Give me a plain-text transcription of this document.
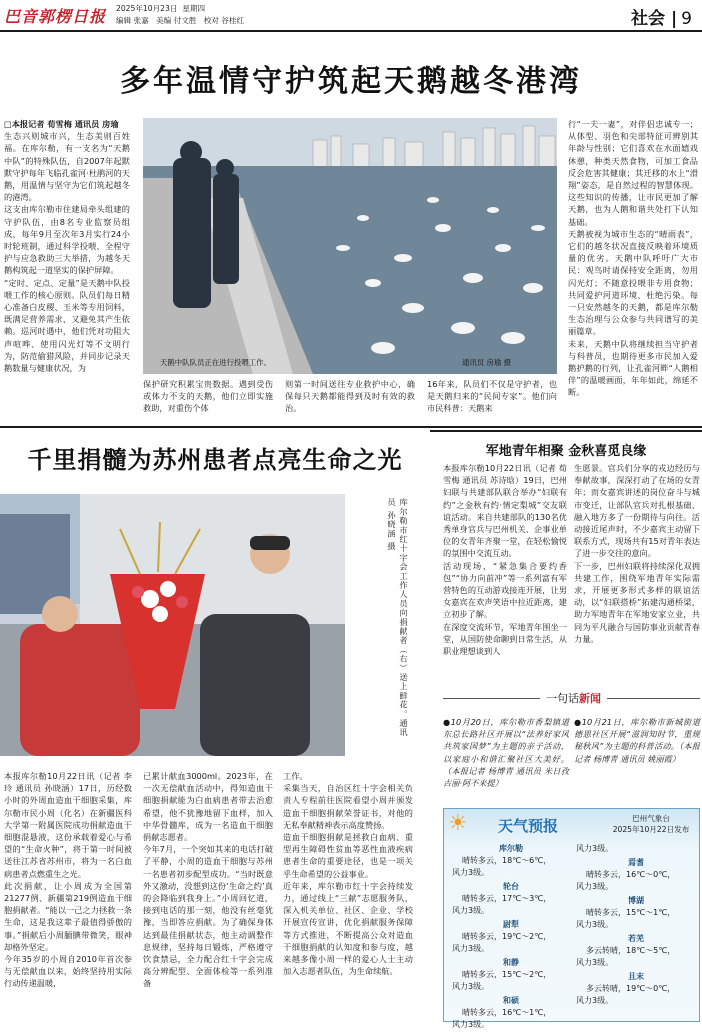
巴音郭楞日报 2025年10月23日 星期四
编辑 张嘉 美编 付文胜 校对 谷桂红	社会 | 9
多年温情守护筑起天鹅越冬港湾
□本报记者 荀雪梅 通讯员 房瑜
生态兴则城市兴，生态美则百姓福。在库尔勒，有一支名为“天鹅中队”的特殊队伍，自2007年起默默守护每年飞临孔雀河·杜鹃河的天鹅，用温情与坚守为它们筑起越冬的港湾。
这支由库尔勒市住建局牵头组建的守护队伍，由8名专业监察员组成，每年9月至次年3月实行24小时轮班制，通过科学投喂、全程守护与应急救助三大举措，为越冬天鹅构筑起一道坚实的保护屏障。
“定时、定点、定量”是天鹅中队投喂工作的核心原则。队员们每日精心准备白皮稷、玉米等专用饲料，既满足营养需求，又避免其产生依赖。巡河时遇中，他们凭对功阻大声喧哗、使用闪光灯等不文明行为，防范偷猎风险，并同步记录天鹅数量与健康状况，为
天鹅中队队员正在进行投喂工作。	通讯员 房瑜 摄
保护研究积累宝贵数据。遇到受伤或体力不支的天鹅，他们立即实施救助，对重伤个体
则第一时间送往专业救护中心，确保每只天鹅都能得到及时有效的救治。
16年来，队员们不仅是守护者，也是天鹅归来的“民间专家”。他们向市民科普：天鹅来
行“一夫一妻”，对伴侣忠诚专一；从体型、羽色和尖部特征可辨别其年龄与性别；它们喜欢在水面嬉戏休憩，种类天然食物，可加工食品反会危害其健康；其迁移的水上“滑翔”姿态，是自然过程的智慧体现。这些知识的传播，让市民更加了解天鹅，也为人鹅和谐共处打下认知基础。
天鹅被视为城市生态的“晴雨表”，它们的越冬状况直接反映着环境质量的优劣。天鹅中队呼吁广大市民：观鸟时请保持安全距离，勿用闪光灯；不随意投喂非专用食物；共同爱护河道环境，杜绝污染。每一只安然越冬的天鹅，都是库尔勒生态治理与公众参与共同谱写的美丽篇章。
未来，天鹅中队将继续担当守护者与科普员，也期待更多市民加入爱鹅护鹅的行列，让孔雀河畔“人鹅相伴”的温暖画面，年年如此，绵延不断。
千里捐髓为苏州患者点亮生命之光
库尔勒市红十字会工作人员向捐献者（右）送上鲜花。通讯员 孙晓涵 摄
本报库尔勒10月22日讯（记者 李玲 通讯员 孙晓涵）17日，历经数小时的外周血造血干细胞采集，库尔勒市民小周（化名）在新疆医科大学第一附属医院成功捐献造血干细胞混悬液，这份承载着爱心与希望的“生命火种”，将于第一时间被送往江苏省苏州市，将为一名白血病患者点燃重生之光。
此次捐献，让小周成为全国第21277例、新疆第219例造血干细胞捐献者。“能以一己之力拯救一条生命，这是我这辈子最值得骄傲的事。”捐献后小周腼腆带微笑，眼神却格外坚定。
今年35岁的小周自2010年首次参与无偿献血以来，始终坚持用实际行动传递温暖，
已累计献血3000ml。2023年，在一次无偿献血活动中，得知造血干细胞捐献能为白血病患者带去治愈希望，他不犹豫地留下血样，加入中华骨髓库，成为一名造血干细胞捐献志愿者。
今年7月，一个突如其来的电话打破了平静，小周的造血干细胞与苏州一名患者初步配型成功。“当时既意外又激动，没想到这份‘生命之约’真的会降临到我身上。”小周回忆道，接到电话的那一刻，他没有丝毫犹豫，当即答应捐献。为了确保身体达到最佳捐献状态，他主动调整作息规律，坚持每日锻炼，严格遵守饮食禁忌，全力配合红十字会完成高分辨配型、全面体检等一系列准备
工作。
采集当天，自治区红十字会相关负责人专程前往医院看望小周并颁发造血干细胞捐献荣誉证书，对他的无私奉献精神表示高度赞扬。
造血干细胞捐献是拯救白血病、重型再生障碍性贫血等恶性血液疾病患者生命的重要途径，也是一项关乎生命希望的公益事业。
近年来，库尔勒市红十字会持续发力，通过线上“三献”志愿服务队，深入机关单位、社区、企业、学校开展宣传宣讲，优化捐献服务保障等方式推进，不断提高公众对造血干细胞捐献的认知度和参与度，越来越多像小周一样的爱心人士主动加入志愿者队伍，为生命续航。
军地青年相聚 金秋喜觅良缘
本报库尔勒10月22日讯（记者 荀雪梅 通讯员 苏诗晗）19日，巴州妇联与共建部队联合举办“妇联有约”之金秋有约·情定梨城”交友联谊活动。来自共建部队的130名优秀单身官兵与巴州机关、企事业单位的女青年齐聚一堂，在轻松愉悦的氛围中交流互动。
活动现场，“紧急集合要约香包”“协力向前冲”等一系列富有军营特色的互动游戏接连开展，让男女嘉宾在欢声笑语中拉近距离，建立初步了解。
在深度交流环节，军地青年围坐一堂，从国防使命聊到日常生活，从职业理想谈到人
生愿景。官兵们分享的戎边经历与奉献故事，深深打动了在场的女青年；而女嘉宾讲述的岗位奋斗与城市变迁，让部队官兵对扎根基础、融入地方多了一份期待与向往。活动接近尾声时，不少嘉宾主动留下联系方式，现场共有15对青年表达了进一步交往的意向。
下一步，巴州妇联将持续深化双拥共建工作，围绕军地青年实际需求，开展更多形式多样的联谊活动，以“妇联搭桥”拓建沟通桥梁，助力军地青年在军地安家立业，共同为平凡融合与国防事业贡献青春力量。
一句话新闻
●10月20日，库尔勒市香梨镇道东总长路社区开展以“法养好家风 共筑家国梦”为主题的亲子活动，以家庭小和谐汇聚社区大美好。（本报记者 杨博青 通讯员 米日孜古丽·阿不来提）
●10月21日，库尔勒市新城街道德恩社区开展“滋润知时节，重规秘秋风”为主题的科普活动。（本报记者 杨博青 通讯员 姚丽霞）
天气预报
☀	巴州气象台
2025年10月22日发布
库尔勒
晴转多云，18℃～6℃，
风力3级。
轮台
晴转多云，17℃～3℃，
风力3级。
尉犁
晴转多云，19℃～2℃，
风力3级。
和静
晴转多云，15℃～2℃，
风力3级。
和硕
晴转多云，16℃～1℃，
风力3级。
风力3级。
焉耆
晴转多云，16℃～0℃，
风力3级。
博湖
晴转多云，15℃～1℃，
风力3级。
若羌
多云转晴，18℃～5℃，
风力3级。
且末
多云转晴，19℃～0℃，
风力3级。
